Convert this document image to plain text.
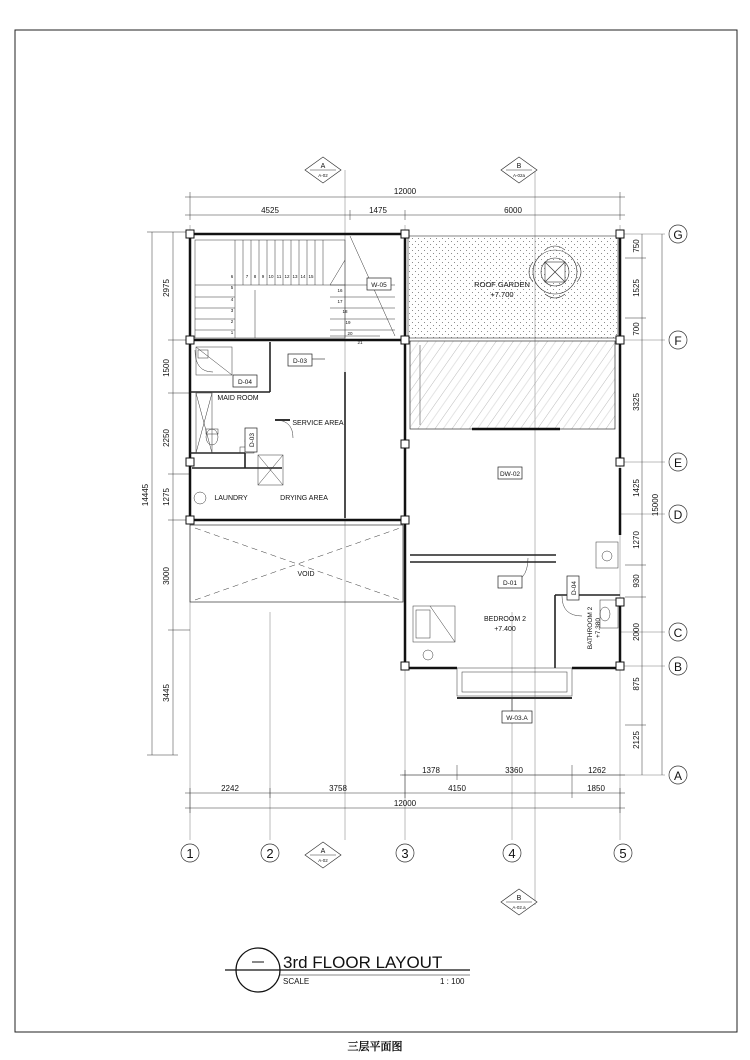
12000
4525	1475	6000
2975
1500
2250
1275
3000
3445
14445
750
1525
700
3325
1425
1270
930
2000
875
2125
15000
1378	3360	1262
2242	3758	4150	1850
12000
1	2	3	4	5
G
F
E
D
C
B
A
A
A-02
B
A-02a
A
A-02
B
A-02.a
ROOF GARDEN
+7.700
6	7 8 9 10 11 12 13 14 15
5
4
3
2
1
16
17
18
19
20
21
MAID ROOM
SERVICE AREA
LAUNDRY	DRYING AREA
VOID
BEDROOM 2
+7.400	BATHROOM 2 +7.380
W-05
D-03
D-04
D-03
DW-02
D-01	D-04
W-03.A
3rd FLOOR LAYOUT
SCALE	1 : 100
三层平面图
